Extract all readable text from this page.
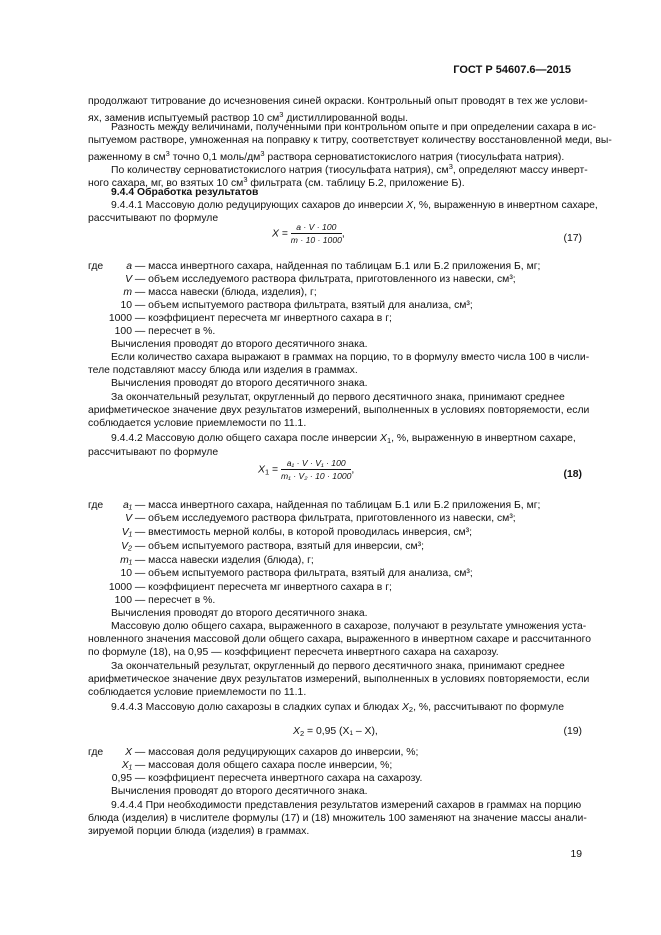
ГОСТ Р 54607.6—2015
продолжают титрование до исчезновения синей окраски. Контрольный опыт проводят в тех же услови-
ях, заменив испытуемый раствор 10 $см^3$ дистиллированной воды.
Разность между величинами, полученными при контрольном опыте и при определении сахара в ис-
пытуемом растворе, умноженная на поправку к титру, соответствует количеству восстановленной меди, вы-
раженному в $см^3$ точно 0,1 моль/$дм^3$ раствора серноватистокислого натрия (тиосульфата натрия).
По количеству серноватистокислого натрия (тиосульфата натрия), $см^3$, определяют массу инверт-
ного сахара, мг, во взятых 10 $см^3$ фильтрата (см. таблицу Б.2, приложение Б).
9.4.4 Обработка результатов
9.4.4.1 Массовую долю редуцирующих сахаров до инверсии X, %, выраженную в инвертном сахаре,
рассчитывают по формуле
$X = \frac{a \cdot V \cdot 100}{m \cdot 10 \cdot 1000}$ ,	(17)
где a — масса инвертного сахара, найденная по таблицам Б.1 или Б.2 приложения Б, мг;
V — объем исследуемого раствора фильтрата, приготовленного из навески, см³;
m — масса навески (блюда, изделия), г;
10 — объем испытуемого раствора фильтрата, взятый для анализа, см³;
1000 — коэффициент пересчета мг инвертного сахара в г;
100 — пересчет в %.
Вычисления проводят до второго десятичного знака.
Если количество сахара выражают в граммах на порцию, то в формулу вместо числа 100 в числи-
теле подставляют массу блюда или изделия в граммах.
Вычисления проводят до второго десятичного знака.
За окончательный результат, округленный до первого десятичного знака, принимают среднее
арифметическое значение двух результатов измерений, выполненных в условиях повторяемости, если
соблюдается условие приемлемости по 11.1.
9.4.4.2 Массовую долю общего сахара после инверсии $X_1$, %, выраженную в инвертном сахаре,
рассчитывают по формуле
$X_1 = \frac{\text{a₁ · V · V₁ · 100}}{\text{m₁ · V₂ · 10 · 1000}}$ ,	(18)
где a₁ — масса инвертного сахара, найденная по таблицам Б.1 или Б.2 приложения Б, мг;
V — объем исследуемого раствора фильтрата, приготовленного из навески, см³;
V₁ — вместимость мерной колбы, в которой проводилась инверсия, см³;
V₂ — объем испытуемого раствора, взятый для инверсии, см³;
m₁ — масса навески изделия (блюда), г;
10 — объем испытуемого раствора фильтрата, взятый для анализа, см³;
1000 — коэффициент пересчета мг инвертного сахара в г;
100 — пересчет в %.
Вычисления проводят до второго десятичного знака.
Массовую долю общего сахара, выраженного в сахарозе, получают в результате умножения уста-
новленного значения массовой доли общего сахара, выраженного в инвертном сахаре и рассчитанного
по формуле (18), на 0,95 — коэффициент пересчета инвертного сахара на сахарозу.
За окончательный результат, округленный до первого десятичного знака, принимают среднее
арифметическое значение двух результатов измерений, выполненных в условиях повторяемости, если
соблюдается условие приемлемости по 11.1.
9.4.4.3 Массовую долю сахарозы в сладких супах и блюдах $X_2$, %, рассчитывают по формуле
$X_2 = 0,95$ (X₁ – X),	(19)
где X — массовая доля редуцирующих сахаров до инверсии, %;
X₁ — массовая доля общего сахара после инверсии, %;
0,95 — коэффициент пересчета инвертного сахара на сахарозу.
Вычисления проводят до второго десятичного знака.
9.4.4.4 При необходимости представления результатов измерений сахаров в граммах на порцию
блюда (изделия) в числителе формулы (17) и (18) множитель 100 заменяют на значение массы анали-
зируемой порции блюда (изделия) в граммах.
19
